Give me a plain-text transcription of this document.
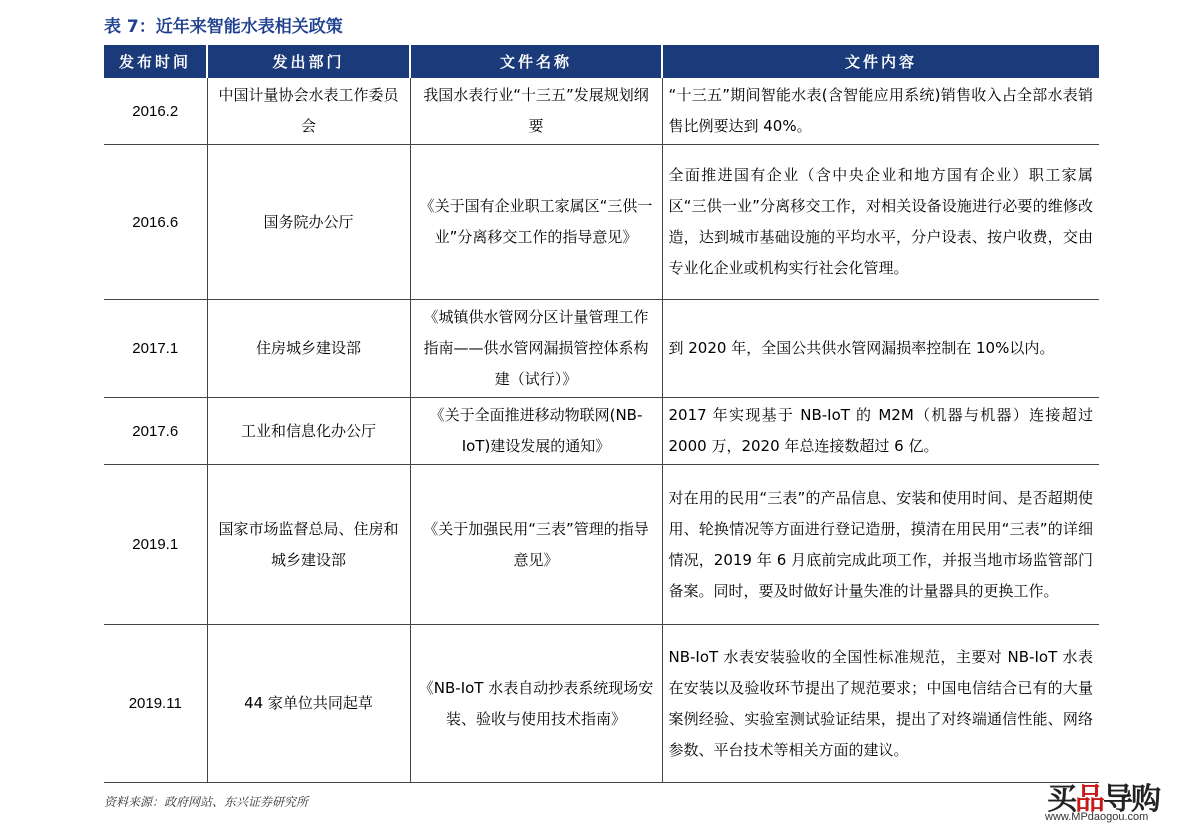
表 7：近年来智能水表相关政策
发布时间	发出部门	文件名称	文件内容
2016.2	中国计量协会水表工作委员会	我国水表行业“十三五”发展规划纲要	“十三五”期间智能水表(含智能应用系统)销售收入占全部水表销售比例要达到 40%。
2016.6	国务院办公厅	《关于国有企业职工家属区“三供一业”分离移交工作的指导意见》	全面推进国有企业（含中央企业和地方国有企业）职工家属区“三供一业”分离移交工作，对相关设备设施进行必要的维修改造，达到城市基础设施的平均水平，分户设表、按户收费，交由专业化企业或机构实行社会化管理。
2017.1	住房城乡建设部	《城镇供水管网分区计量管理工作指南——供水管网漏损管控体系构建（试行）》	到 2020 年，全国公共供水管网漏损率控制在 10%以内。
2017.6	工业和信息化办公厅	《关于全面推进移动物联网(NB-IoT)建设发展的通知》	2017 年实现基于 NB-IoT 的 M2M（机器与机器）连接超过 2000 万，2020 年总连接数超过 6 亿。
2019.1	国家市场监督总局、住房和城乡建设部	《关于加强民用“三表”管理的指导意见》	对在用的民用“三表”的产品信息、安装和使用时间、是否超期使用、轮换情况等方面进行登记造册，摸清在用民用“三表”的详细情况，2019 年 6 月底前完成此项工作，并报当地市场监管部门备案。同时，要及时做好计量失准的计量器具的更换工作。
2019.11	44 家单位共同起草	《NB-IoT 水表自动抄表系统现场安装、验收与使用技术指南》	NB-IoT 水表安装验收的全国性标准规范，主要对 NB-IoT 水表在安装以及验收环节提出了规范要求；中国电信结合已有的大量案例经验、实验室测试验证结果，提出了对终端通信性能、网络参数、平台技术等相关方面的建议。
资料来源：政府网站、东兴证券研究所	买品导购
www.MPdaogou.com
